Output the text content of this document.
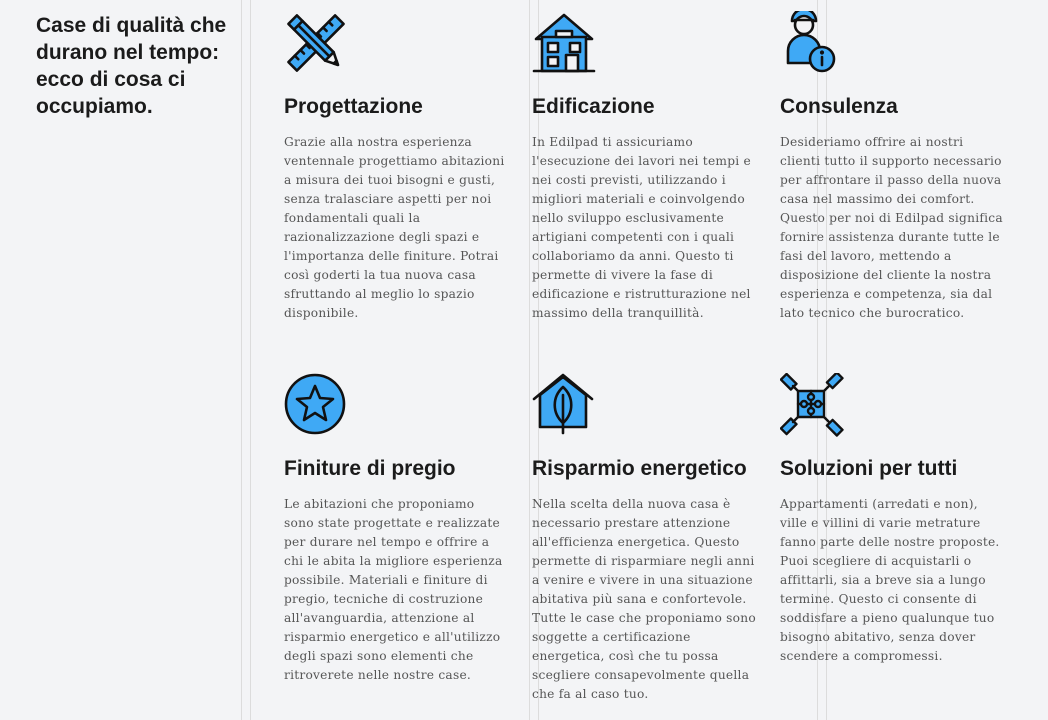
Case di qualità che durano nel tempo: ecco di cosa ci occupiamo.	Progettazione

Grazie alla nostra esperienza ventennale progettiamo abitazioni a misura dei tuoi bisogni e gusti, senza tralasciare aspetti per noi fondamentali quali la razionalizzazione degli spazi e l'importanza delle finiture. Potrai così goderti la tua nuova casa sfruttando al meglio lo spazio disponibile.

Edificazione

In Edilpad ti assicuriamo l'esecuzione dei lavori nei tempi e nei costi previsti, utilizzando i migliori materiali e coinvolgendo nello sviluppo esclusivamente artigiani competenti con i quali collaboriamo da anni. Questo ti permette di vivere la fase di edificazione e ristrutturazione nel massimo della tranquillità.

Consulenza

Desideriamo offrire ai nostri clienti tutto il supporto necessario per affrontare il passo della nuova casa nel massimo dei comfort. Questo per noi di Edilpad significa fornire assistenza durante tutte le fasi del lavoro, mettendo a disposizione del cliente la nostra esperienza e competenza, sia dal lato tecnico che burocratico.

Finiture di pregio

Le abitazioni che proponiamo sono state progettate e realizzate per durare nel tempo e offrire a chi le abita la migliore esperienza possibile. Materiali e finiture di pregio, tecniche di costruzione all'avanguardia, attenzione al risparmio energetico e all'utilizzo degli spazi sono elementi che ritroverete nelle nostre case.

Risparmio energetico

Nella scelta della nuova casa è necessario prestare attenzione all'efficienza energetica. Questo permette di risparmiare negli anni a venire e vivere in una situazione abitativa più sana e confortevole. Tutte le case che proponiamo sono soggette a certificazione energetica, così che tu possa scegliere consapevolmente quella che fa al caso tuo.

Soluzioni per tutti

Appartamenti (arredati e non), ville e villini di varie metrature fanno parte delle nostre proposte. Puoi scegliere di acquistarli o affittarli, sia a breve sia a lungo termine. Questo ci consente di soddisfare a pieno qualunque tuo bisogno abitativo, senza dover scendere a compromessi.
